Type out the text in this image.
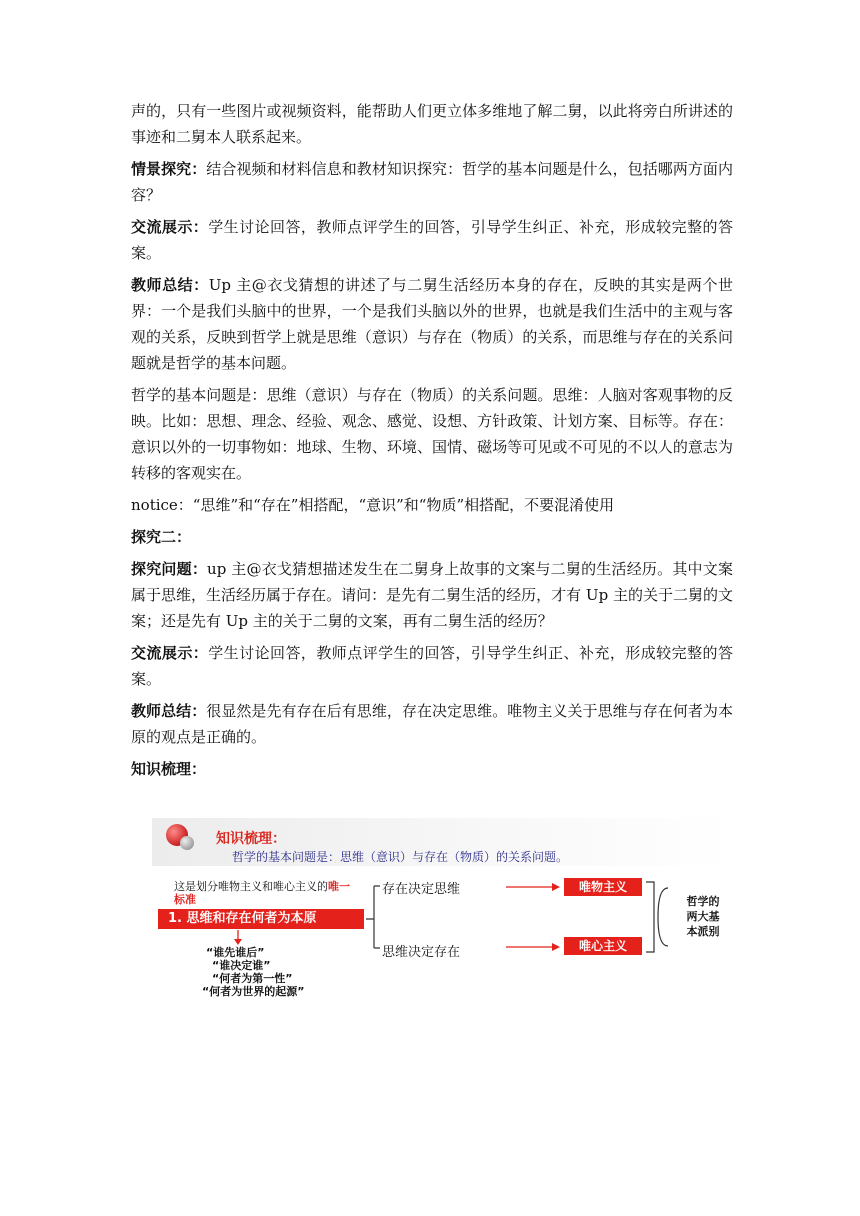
声的，只有一些图片或视频资料，能帮助人们更立体多维地了解二舅，以此将旁白所讲述的事迹和二舅本人联系起来。

情景探究：结合视频和材料信息和教材知识探究：哲学的基本问题是什么，包括哪两方面内容？

交流展示：学生讨论回答，教师点评学生的回答，引导学生纠正、补充，形成较完整的答案。

教师总结：Up 主@衣戈猜想的讲述了与二舅生活经历本身的存在，反映的其实是两个世界：一个是我们头脑中的世界，一个是我们头脑以外的世界，也就是我们生活中的主观与客观的关系，反映到哲学上就是思维（意识）与存在（物质）的关系，而思维与存在的关系问题就是哲学的基本问题。

哲学的基本问题是：思维（意识）与存在（物质）的关系问题。思维：人脑对客观事物的反映。比如：思想、理念、经验、观念、感觉、设想、方针政策、计划方案、目标等。存在：意识以外的一切事物如：地球、生物、环境、国情、磁场等可见或不可见的不以人的意志为转移的客观实在。

notice：“思维”和“存在”相搭配，“意识”和“物质”相搭配，不要混淆使用

探究二：

探究问题：up 主@衣戈猜想描述发生在二舅身上故事的文案与二舅的生活经历。其中文案属于思维，生活经历属于存在。请问：是先有二舅生活的经历，才有 Up 主的关于二舅的文案；还是先有 Up 主的关于二舅的文案，再有二舅生活的经历？

交流展示：学生讨论回答，教师点评学生的回答，引导学生纠正、补充，形成较完整的答案。

教师总结：很显然是先有存在后有思维，存在决定思维。唯物主义关于思维与存在何者为本原的观点是正确的。

知识梳理：

知识梳理：
哲学的基本问题是：思维（意识）与存在（物质）的关系问题。
这是划分唯物主义和唯心主义的唯一标准
1. 思维和存在何者为本原
存在决定思维
思维决定存在
唯物主义
唯心主义
哲学的两大基本派别
“谁先谁后”
“谁决定谁”
“何者为第一性”
“何者为世界的起源”
